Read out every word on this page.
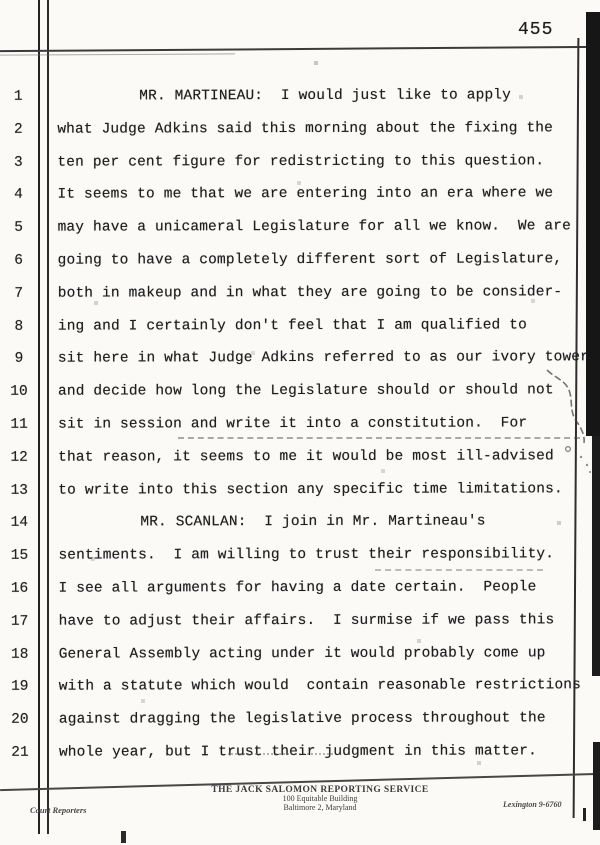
455
1	MR. MARTINEAU:  I would just like to apply
2	what Judge Adkins said this morning about the fixing the
3	ten per cent figure for redistricting to this question.
4	It seems to me that we are entering into an era where we
5	may have a unicameral Legislature for all we know.  We are
6	going to have a completely different sort of Legislature,
7	both in makeup and in what they are going to be consider-
8	ing and I certainly don't feel that I am qualified to
9	sit here in what Judge Adkins referred to as our ivory tower
10	and decide how long the Legislature should or should not
11	sit in session and write it into a constitution.  For
12	that reason, it seems to me it would be most ill-advised
13	to write into this section any specific time limitations.
14	MR. SCANLAN:  I join in Mr. Martineau's
15	sentiments.  I am willing to trust their responsibility.
16	I see all arguments for having a date certain.  People
17	have to adjust their affairs.  I surmise if we pass this
18	General Assembly acting under it would probably come up
19	with a statute which would  contain reasonable restrictions
20	against dragging the legislative process throughout the
21	whole year, but I trust their judgment in this matter.
THE JACK SALOMON REPORTING SERVICE
100 Equitable Building
Baltimore 2, Maryland
Court Reporters
Lexington 9-6760
